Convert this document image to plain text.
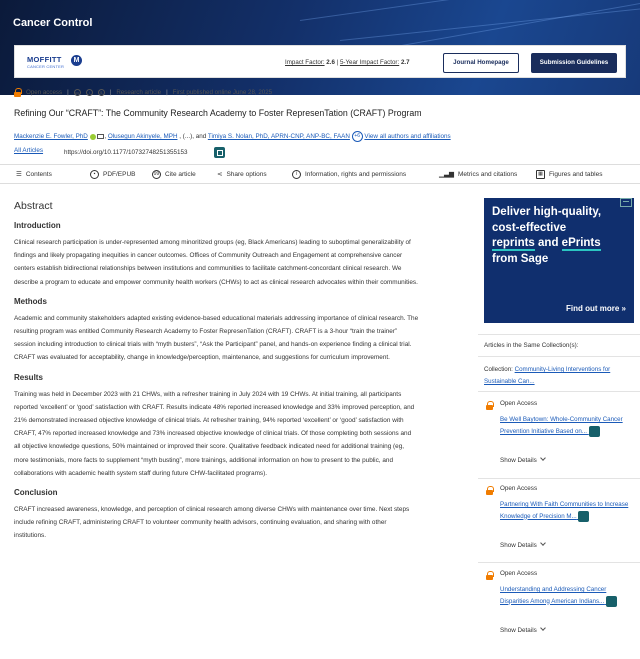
Cancer Control
MOFFITT
CANCER CENTER
M	Impact Factor: 2.6 | 5-Year Impact Factor: 2.7	Journal Homepage	Submission Guidelines
Open access |	cc	i	$	| Research article | First published online June 28, 2025
Refining Our “CRAFT”: The Community Research Academy to Foster RepresenTation (CRAFT) Program
Mackenzie E. Fowler, PhD	, Olusegun Akinyele, MPH , (...), and Timiya S. Nolan, PhD, APRN-CNP, ANP-BC, FAAN +6 View all authors and affiliations
All Articles	https://doi.org/10.1177/10732748251355153
☰ Contents	▪	PDF/EPUB	99 Cite article	⋖ Share options	i	Information, rights and permissions	▁▃▆ Metrics and citations	▦ Figures and tables
Abstract
Introduction

Clinical research participation is under-represented among minoritized groups (eg, Black Americans) leading to suboptimal generalizability of findings and likely propagating inequities in cancer outcomes. Offices of Community Outreach and Engagement at comprehensive cancer centers establish bidirectional relationships between institutions and communities to facilitate catchment-concordant clinical research. We describe a program to educate and empower community health workers (CHWs) to act as clinical research advocates within their communities.

Methods

Academic and community stakeholders adapted existing evidence-based educational materials addressing importance of clinical research. The resulting program was entitled Community Research Academy to Foster RepresenTation (CRAFT). CRAFT is a 3-hour “train the trainer” session including introduction to clinical trials with “myth busters”, “Ask the Participant” panel, and hands-on experience finding a clinical trial. CRAFT was evaluated for acceptability, change in knowledge/perception, maintenance, and suggestions for curriculum improvement.

Results

Training was held in December 2023 with 21 CHWs, with a refresher training in July 2024 with 19 CHWs. At initial training, all participants reported ‘excellent’ or ‘good’ satisfaction with CRAFT. Results indicate 48% reported increased knowledge and 33% improved perception, and 21% demonstrated increased objective knowledge of clinical trials. At refresher training, 94% reported ‘excellent’ or ‘good’ satisfaction with CRAFT, 47% reported increased knowledge and 73% increased objective knowledge of clinical trials. Of those completing both sessions and all objective knowledge questions, 50% maintained or improved their score. Qualitative feedback indicated need for additional training (eg, more testimonials, more facts to supplement “myth busting”, more trainings, additional information on how to present to the public, and collaborations with academic health system staff during future CHW-facilitated programs).

Conclusion

CRAFT increased awareness, knowledge, and perception of clinical research among diverse CHWs with maintenance over time. Next steps include refining CRAFT, administering CRAFT to volunteer community health advisors, continuing evaluation, and sharing with other institutions.

Deliver high-quality,
cost-effective
reprints and ePrints
from Sage
Find out more »
Articles in the Same Collection(s):
Collection: Community-Living Interventions for Sustainable Can...
Open Access
Be Well Baytown: Whole-Community Cancer Prevention Initiative Based on...
Show Details
Open Access
Partnering With Faith Communities to Increase Knowledge of Precision M...
Show Details
Open Access
Understanding and Addressing Cancer Disparities Among American Indians...
Show Details
